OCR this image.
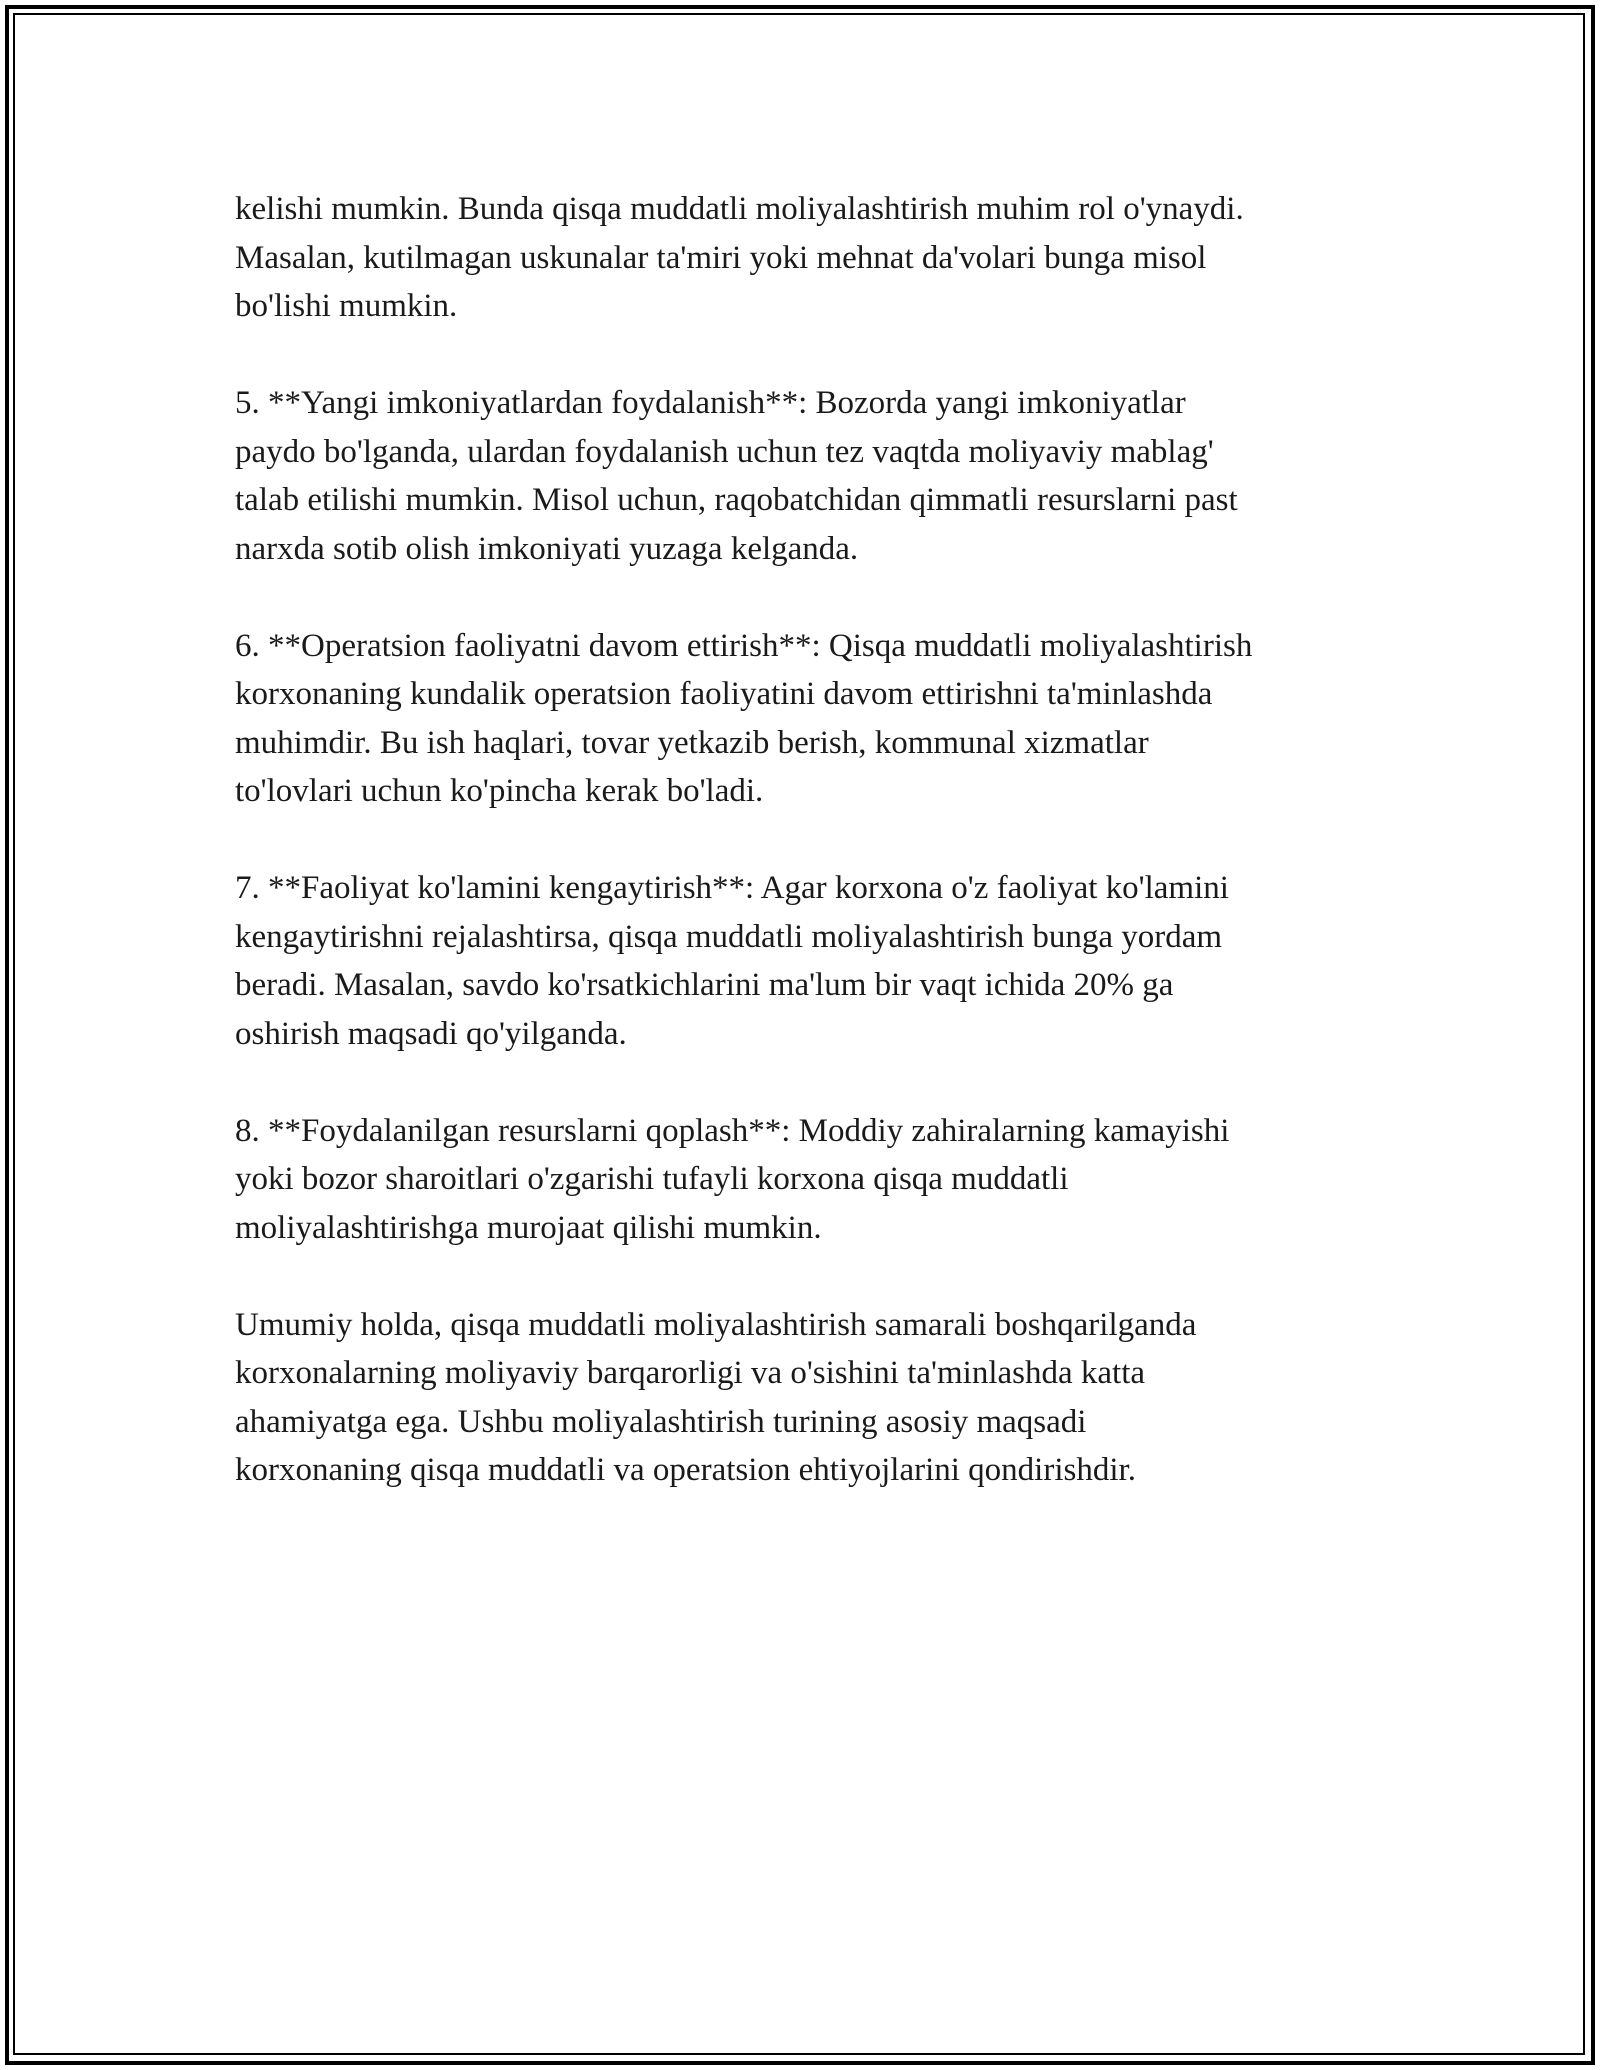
kelishi mumkin. Bunda qisqa muddatli moliyalashtirish muhim rol o'ynaydi.
Masalan, kutilmagan uskunalar ta'miri yoki mehnat da'volari bunga misol
bo'lishi mumkin.

5. **Yangi imkoniyatlardan foydalanish**: Bozorda yangi imkoniyatlar
paydo bo'lganda, ulardan foydalanish uchun tez vaqtda moliyaviy mablag'
talab etilishi mumkin. Misol uchun, raqobatchidan qimmatli resurslarni past
narxda sotib olish imkoniyati yuzaga kelganda.

6. **Operatsion faoliyatni davom ettirish**: Qisqa muddatli moliyalashtirish
korxonaning kundalik operatsion faoliyatini davom ettirishni ta'minlashda
muhimdir. Bu ish haqlari, tovar yetkazib berish, kommunal xizmatlar
to'lovlari uchun ko'pincha kerak bo'ladi.

7. **Faoliyat ko'lamini kengaytirish**: Agar korxona o'z faoliyat ko'lamini
kengaytirishni rejalashtirsa, qisqa muddatli moliyalashtirish bunga yordam
beradi. Masalan, savdo ko'rsatkichlarini ma'lum bir vaqt ichida 20% ga
oshirish maqsadi qo'yilganda.

8. **Foydalanilgan resurslarni qoplash**: Moddiy zahiralarning kamayishi
yoki bozor sharoitlari o'zgarishi tufayli korxona qisqa muddatli
moliyalashtirishga murojaat qilishi mumkin.

Umumiy holda, qisqa muddatli moliyalashtirish samarali boshqarilganda
korxonalarning moliyaviy barqarorligi va o'sishini ta'minlashda katta
ahamiyatga ega. Ushbu moliyalashtirish turining asosiy maqsadi
korxonaning qisqa muddatli va operatsion ehtiyojlarini qondirishdir.
